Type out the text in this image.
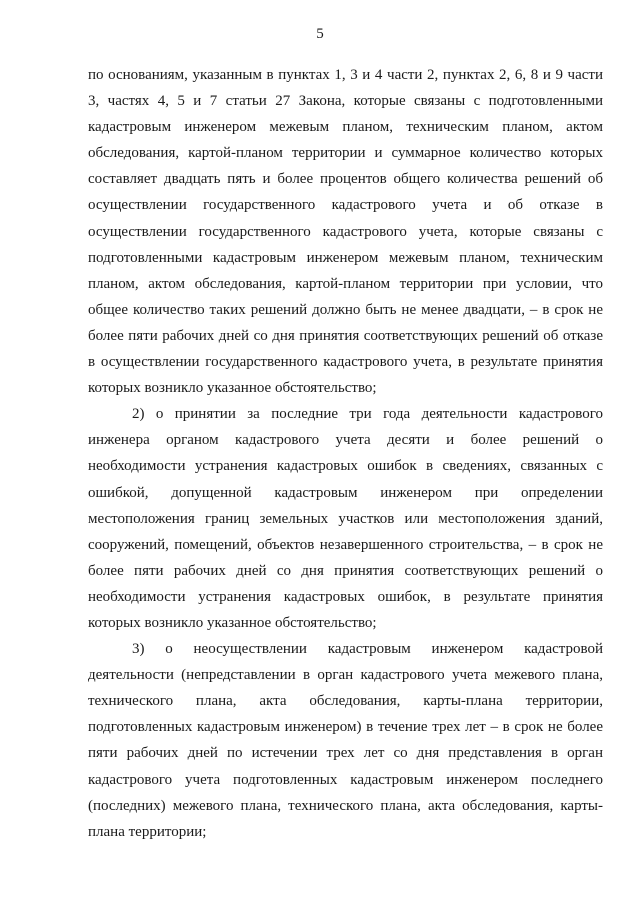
5

по основаниям, указанным в пунктах 1, 3 и 4 части 2, пунктах 2, 6, 8 и 9 части 3, частях 4, 5 и 7 статьи 27 Закона, которые связаны с подготовленными кадастровым инженером межевым планом, техническим планом, актом обследования, картой-планом территории и суммарное количество которых составляет двадцать пять и более процентов общего количества решений об осуществлении государственного кадастрового учета и об отказе в осуществлении государственного кадастрового учета, которые связаны с подготовленными кадастровым инженером межевым планом, техническим планом, актом обследования, картой-планом территории при условии, что общее количество таких решений должно быть не менее двадцати, – в срок не более пяти рабочих дней со дня принятия соответствующих решений об отказе в осуществлении государственного кадастрового учета, в результате принятия которых возникло указанное обстоятельство;

2) о принятии за последние три года деятельности кадастрового инженера органом кадастрового учета десяти и более решений о необходимости устранения кадастровых ошибок в сведениях, связанных с ошибкой, допущенной кадастровым инженером при определении местоположения границ земельных участков или местоположения зданий, сооружений, помещений, объектов незавершенного строительства, – в срок не более пяти рабочих дней со дня принятия соответствующих решений о необходимости устранения кадастровых ошибок, в результате принятия которых возникло указанное обстоятельство;

3) о неосуществлении кадастровым инженером кадастровой деятельности (непредставлении в орган кадастрового учета межевого плана, технического плана, акта обследования, карты-плана территории, подготовленных кадастровым инженером) в течение трех лет – в срок не более пяти рабочих дней по истечении трех лет со дня представления в орган кадастрового учета подготовленных кадастровым инженером последнего (последних) межевого плана, технического плана, акта обследования, карты-плана территории;
